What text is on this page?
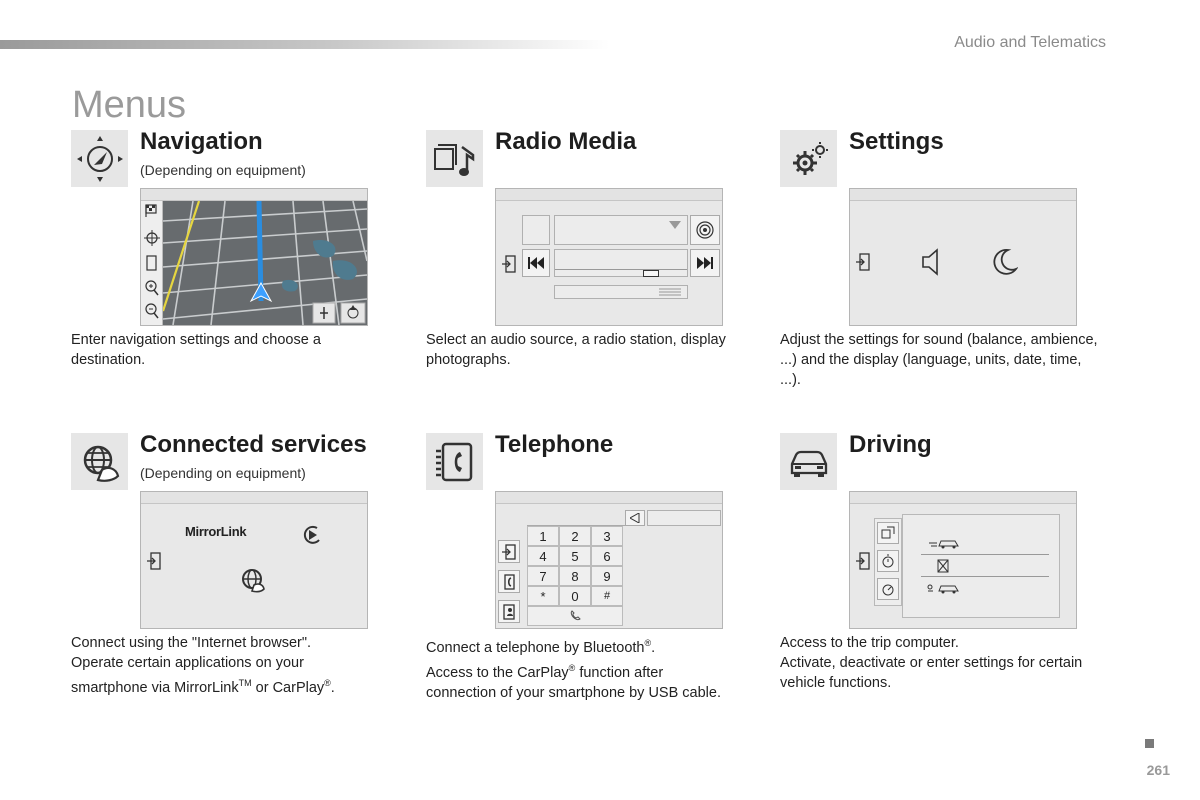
Audio and Telematics
Menus
Navigation
(Depending on equipment)
Enter navigation settings and choose a destination.
Radio Media
Select an audio source, a radio station, display photographs.
Settings
Adjust the settings for sound (balance, ambience, ...) and the display (language, units, date, time, ...).
Connected services
(Depending on equipment)
MirrorLink
Connect using the "Internet browser".
Operate certain applications on your
smartphone via MirrorLink™ or CarPlay®.
Telephone
1	2	3
4	5	6
7	8	9
*	0	#
Connect a telephone by Bluetooth®.
Access to the CarPlay® function after
connection of your smartphone by USB cable.
Driving
Access to the trip computer.
Activate, deactivate or enter settings for certain
vehicle functions.
261
